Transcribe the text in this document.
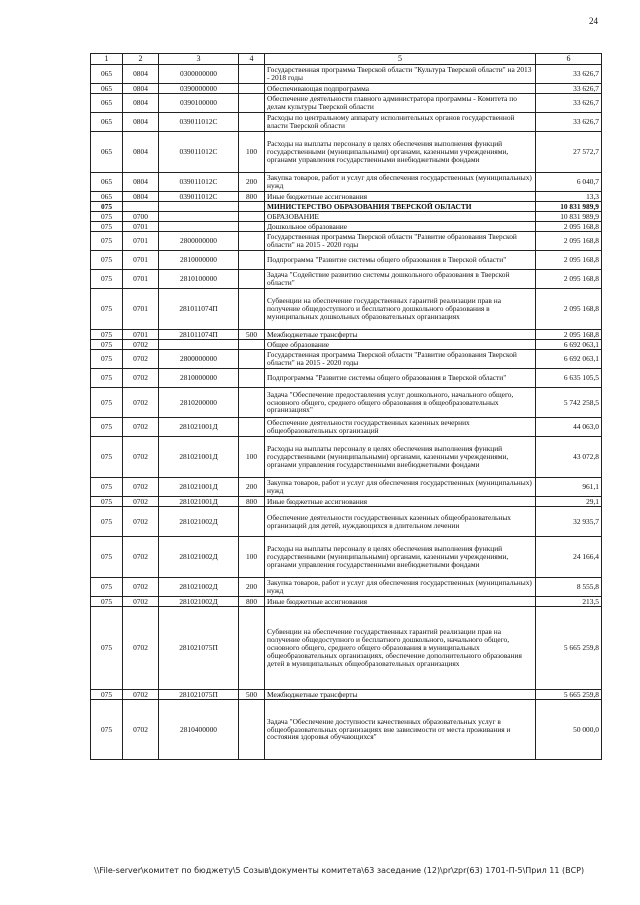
24
1	2	3	4	5	6
065	0804	0300000000		Государственная программа Тверской области "Культура Тверской области" на 2013 - 2018 годы	33 626,7
065	0804	0390000000		Обеспечивающая подпрограмма	33 626,7
065	0804	0390100000		Обеспечение деятельности главного администратора программы - Комитета по делам культуры Тверской области	33 626,7
065	0804	039011012С		Расходы по центральному аппарату исполнительных органов государственной власти Тверской области	33 626,7
065	0804	039011012С	100	Расходы на выплаты персоналу в целях обеспечения выполнения функций государственными (муниципальными) органами, казенными учреждениями, органами управления государственными внебюджетными фондами	27 572,7
065	0804	039011012С	200	Закупка товаров, работ и услуг для обеспечения государственных (муниципальных) нужд	6 040,7
065	0804	039011012С	800	Иные бюджетные ассигнования	13,3
075				МИНИСТЕРСТВО ОБРАЗОВАНИЯ ТВЕРСКОЙ ОБЛАСТИ	10 831 989,9
075	0700			ОБРАЗОВАНИЕ	10 831 989,9
075	0701			Дошкольное образование	2 095 168,8
075	0701	2800000000		Государственная программа Тверской области "Развитие образования Тверской области" на 2015 - 2020 годы	2 095 168,8
075	0701	2810000000		Подпрограмма "Развитие системы общего образования в Тверской области"	2 095 168,8
075	0701	2810100000		Задача "Содействие развитию системы дошкольного образования в Тверской области"	2 095 168,8
075	0701	281011074П		Субвенции на обеспечение государственных гарантий реализации прав на получение общедоступного и бесплатного дошкольного образования в муниципальных дошкольных образовательных организациях	2 095 168,8
075	0701	281011074П	500	Межбюджетные трансферты	2 095 168,8
075	0702			Общее образование	6 692 063,1
075	0702	2800000000		Государственная программа Тверской области "Развитие образования Тверской области" на 2015 - 2020 годы	6 692 063,1
075	0702	2810000000		Подпрограмма "Развитие системы общего образования в Тверской области"	6 635 105,5
075	0702	2810200000		Задача "Обеспечение предоставления услуг дошкольного, начального общего, основного общего, среднего общего образования в общеобразовательных организациях"	5 742 258,5
075	0702	281021001Д		Обеспечение деятельности государственных казенных вечерних общеобразовательных организаций	44 063,0
075	0702	281021001Д	100	Расходы на выплаты персоналу в целях обеспечения выполнения функций государственными (муниципальными) органами, казенными учреждениями, органами управления государственными внебюджетными фондами	43 072,8
075	0702	281021001Д	200	Закупка товаров, работ и услуг для обеспечения государственных (муниципальных) нужд	961,1
075	0702	281021001Д	800	Иные бюджетные ассигнования	29,1
075	0702	281021002Д		Обеспечение деятельности государственных казенных общеобразовательных организаций для детей, нуждающихся в длительном лечении	32 935,7
075	0702	281021002Д	100	Расходы на выплаты персоналу в целях обеспечения выполнения функций государственными (муниципальными) органами, казенными учреждениями, органами управления государственными внебюджетными фондами	24 166,4
075	0702	281021002Д	200	Закупка товаров, работ и услуг для обеспечения государственных (муниципальных) нужд	8 555,8
075	0702	281021002Д	800	Иные бюджетные ассигнования	213,5
075	0702	281021075П		Субвенции на обеспечение государственных гарантий реализации прав на получение общедоступного и бесплатного дошкольного, начального общего, основного общего, среднего общего образования в муниципальных общеобразовательных организациях, обеспечение дополнительного образования детей в муниципальных общеобразовательных организациях	5 665 259,8
075	0702	281021075П	500	Межбюджетные трансферты	5 665 259,8
075	0702	2810400000		Задача "Обеспечение доступности качественных образовательных услуг в общеобразовательных организациях вне зависимости от места проживания и состояния здоровья обучающихся"	50 000,0
\\File-server\комитет по бюджету\5 Созыв\документы комитета\63 заседание (12)\pr\zpr(63) 1701-П-5\Прил 11 (ВСР)
